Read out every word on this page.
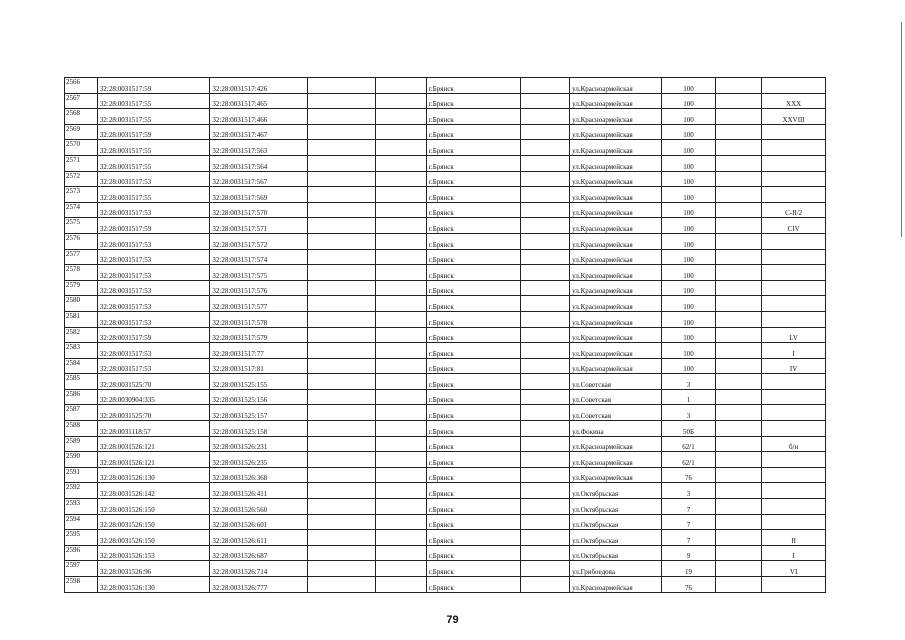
2566	32:28:0031517:59	32:28:0031517:426			г.Брянск		ул.Красноармейская	100		
2567	32:28:0031517:55	32:28:0031517:465			г.Брянск		ул.Красноармейская	100		XXX
2568	32:28:0031517:55	32:28:0031517:466			г.Брянск		ул.Красноармейская	100		XXVIII
2569	32:28:0031517:59	32:28:0031517:467			г.Брянск		ул.Красноармейская	100		
2570	32:28:0031517:55	32:28:0031517:563			г.Брянск		ул.Красноармейская	100		
2571	32:28:0031517:55	32:28:0031517:564			г.Брянск		ул.Красноармейская	100		
2572	32:28:0031517:53	32:28:0031517:567			г.Брянск		ул.Красноармейская	100		
2573	32:28:0031517:55	32:28:0031517:569			г.Брянск		ул.Красноармейская	100		
2574	32:28:0031517:53	32:28:0031517:570			г.Брянск		ул.Красноармейская	100		C-II/2
2575	32:28:0031517:59	32:28:0031517:571			г.Брянск		ул.Красноармейская	100		CIV
2576	32:28:0031517:53	32:28:0031517:572			г.Брянск		ул.Красноармейская	100		
2577	32:28:0031517:53	32:28:0031517:574			г.Брянск		ул.Красноармейская	100		
2578	32:28:0031517:53	32:28:0031517:575			г.Брянск		ул.Красноармейская	100		
2579	32:28:0031517:53	32:28:0031517:576			г.Брянск		ул.Красноармейская	100		
2580	32:28:0031517:53	32:28:0031517:577			г.Брянск		ул.Красноармейская	100		
2581	32:28:0031517:53	32:28:0031517:578			г.Брянск		ул.Красноармейская	100		
2582	32:28:0031517:59	32:28:0031517:579			г.Брянск		ул.Красноармейская	100		LV
2583	32:28:0031517:53	32:28:0031517:77			г.Брянск		ул.Красноармейская	100		I
2584	32:28:0031517:53	32:28:0031517:81			г.Брянск		ул.Красноармейская	100		IV
2585	32:28:0031525:70	32:28:0031525:155			г.Брянск		ул.Советская	3		
2586	32:28:0030904:335	32:28:0031525:156			г.Брянск		ул.Советская	1		
2587	32:28:0031525:70	32:28:0031525:157			г.Брянск		ул.Советская	3		
2588	32:28:0031118:57	32:28:0031525:158			г.Брянск		ул.Фокина	50Б		
2589	32:28:0031526:121	32:28:0031526:231			г.Брянск		ул.Красноармейская	62/1		б/н
2590	32:28:0031526:121	32:28:0031526:235			г.Брянск		ул.Красноармейская	62/1		
2591	32:28:0031526:130	32:28:0031526:368			г.Брянск		ул.Красноармейская	76		
2592	32:28:0031526:142	32:28:0031526:411			г.Брянск		ул.Октябрьская	3		
2593	32:28:0031526:150	32:28:0031526:560			г.Брянск		ул.Октябрьская	7		
2594	32:28:0031526:150	32:28:0031526:601			г.Брянск		ул.Октябрьская	7		
2595	32:28:0031526:150	32:28:0031526:611			г.Брянск		ул.Октябрьская	7		II
2596	32:28:0031526:153	32:28:0031526:687			г.Брянск		ул.Октябрьская	9		I
2597	32:28:0031526:96	32:28:0031526:714			г.Брянск		ул.Грибоедова	19		VI
2598	32:28:0031526:130	32:28:0031526:777			г.Брянск		ул.Красноармейская	76		
79
